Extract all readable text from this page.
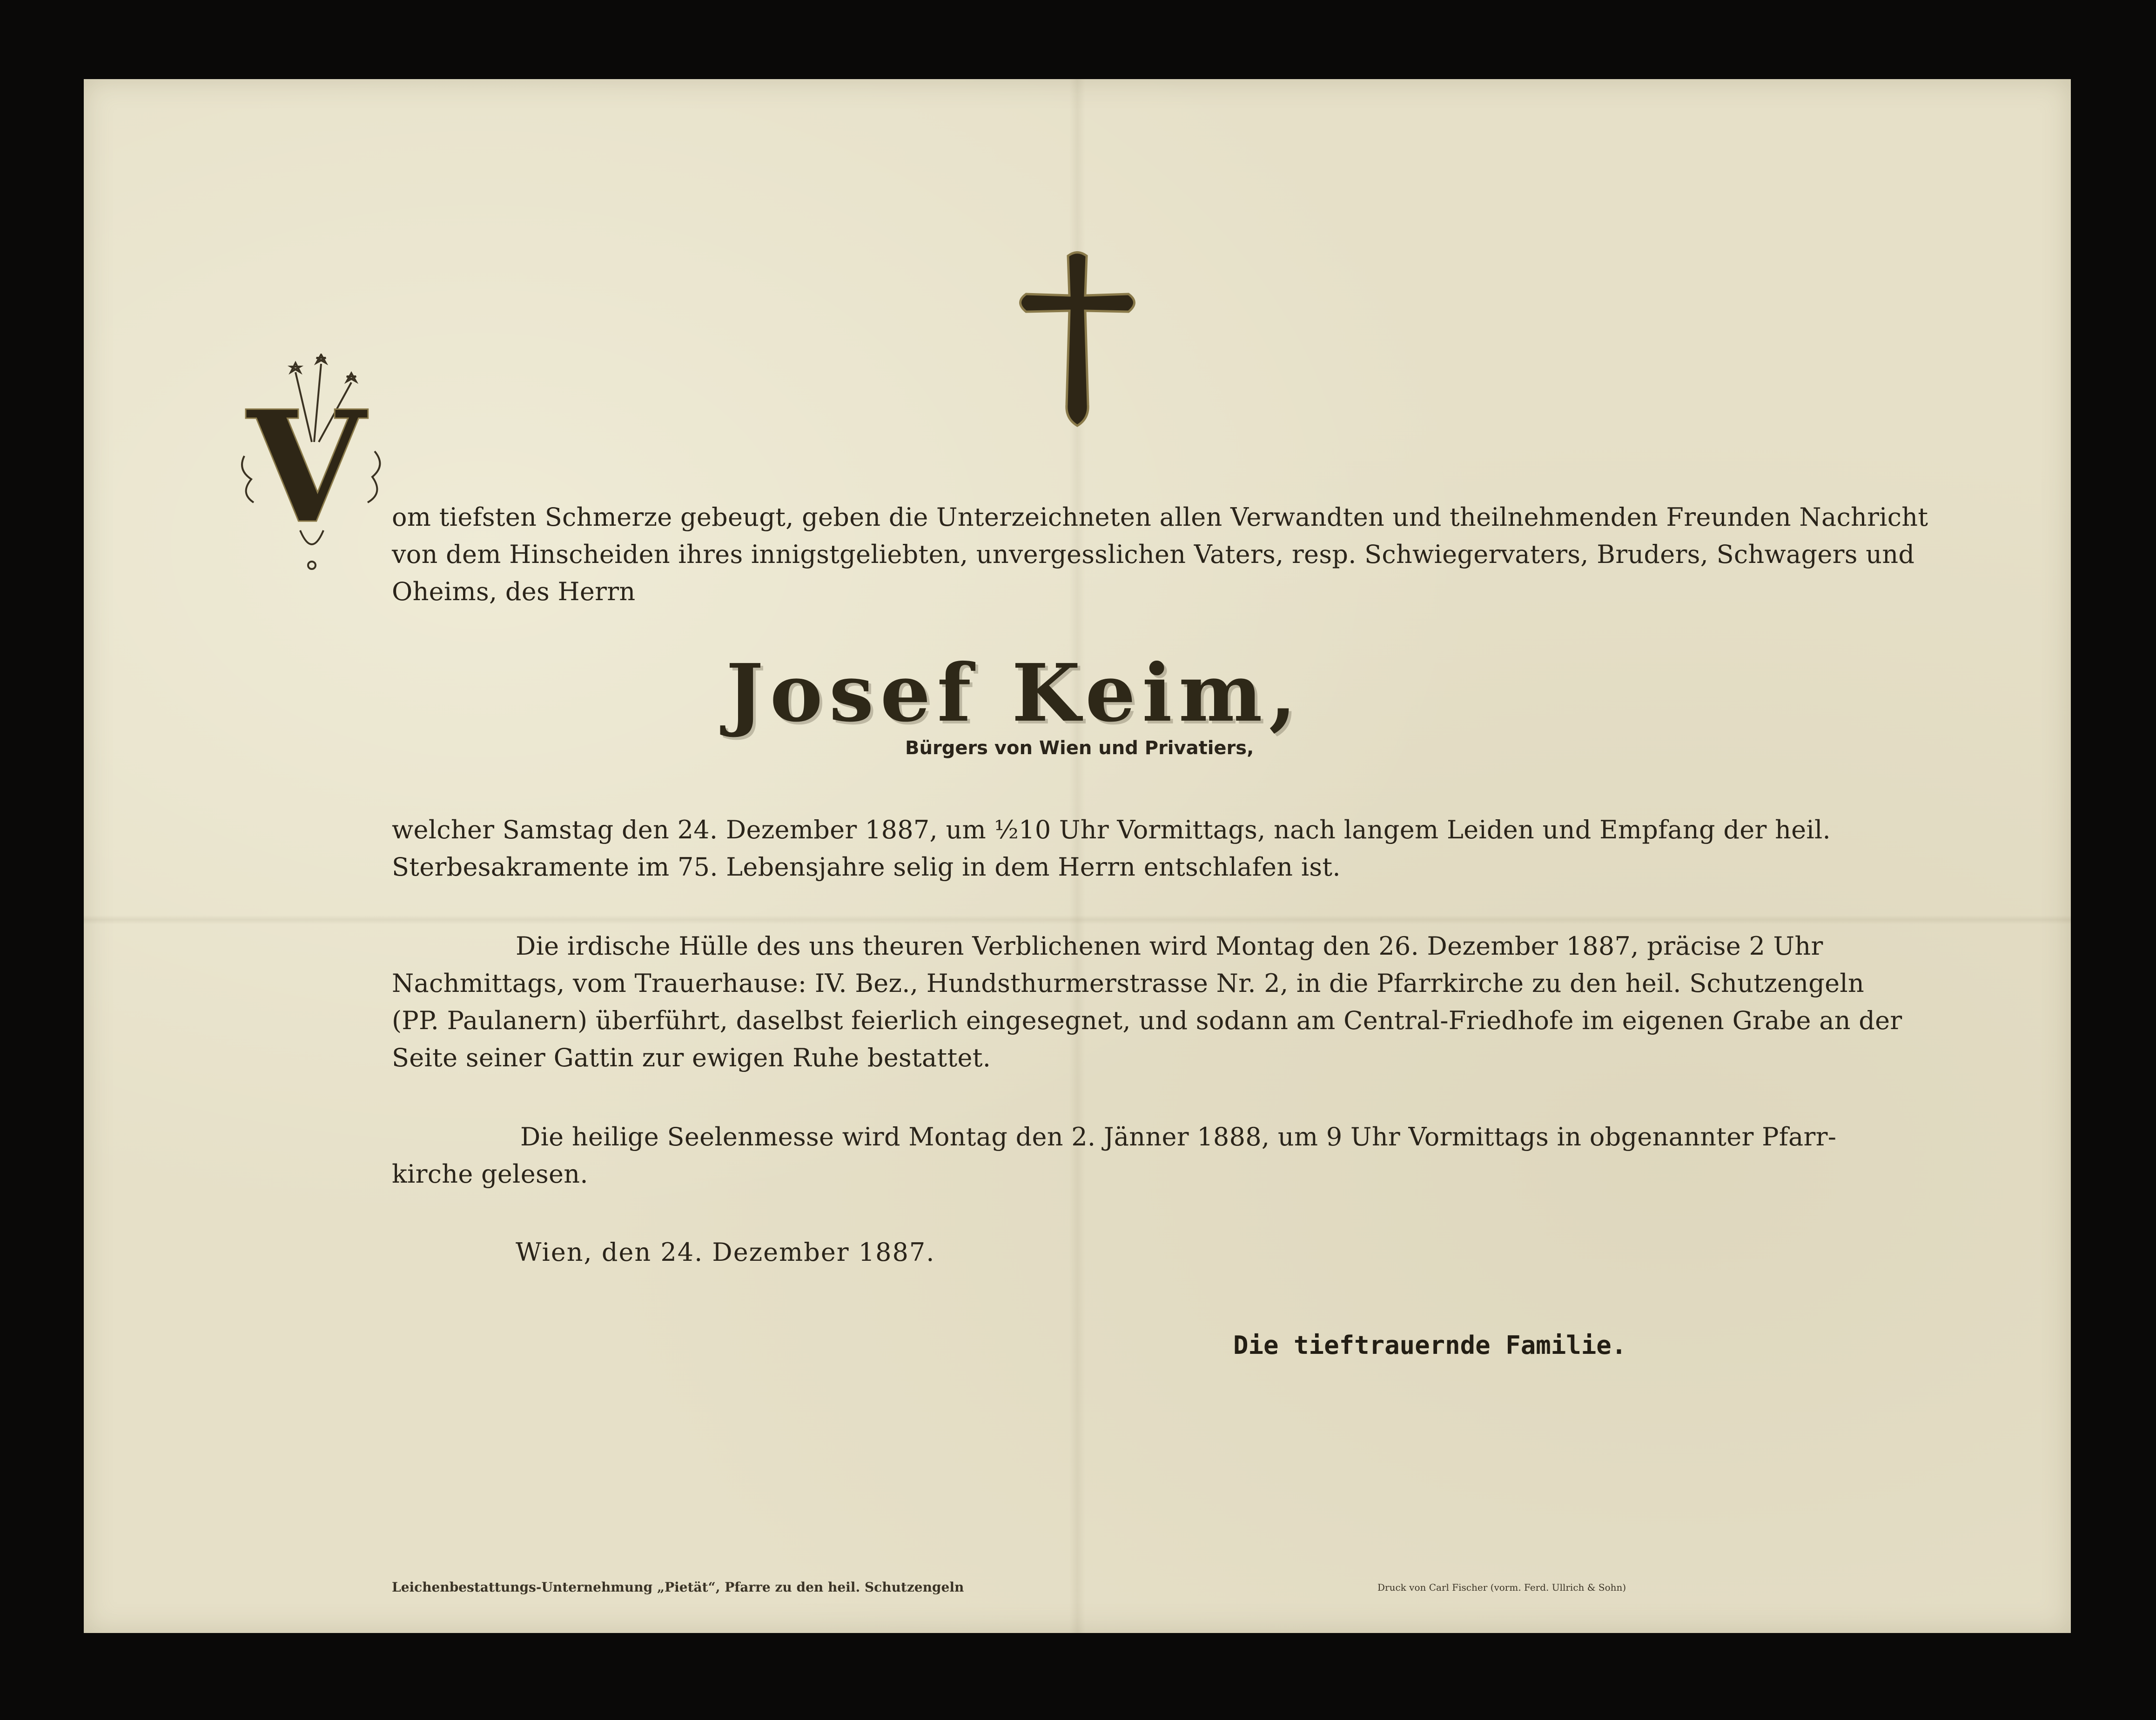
V om tiefsten Schmerze gebeugt, geben die Unterzeichneten allen Verwandten und theilnehmenden Freunden Nachricht

von dem Hinscheiden ihres innigstgeliebten, unvergesslichen Vaters, resp. Schwiegervaters, Bruders, Schwagers und

Oheims, des Herrn

Josef Keim,
Bürgers von Wien und Privatiers,

welcher Samstag den 24. Dezember 1887, um ½10 Uhr Vormittags, nach langem Leiden und Empfang der heil.

Sterbesakramente im 75. Lebensjahre selig in dem Herrn entschlafen ist.

Die irdische Hülle des uns theuren Verblichenen wird Montag den 26. Dezember 1887, präcise 2 Uhr

Nachmittags, vom Trauerhause: IV. Bez., Hundsthurmerstrasse Nr. 2, in die Pfarrkirche zu den heil. Schutzengeln

(PP. Paulanern) überführt, daselbst feierlich eingesegnet, und sodann am Central-Friedhofe im eigenen Grabe an der

Seite seiner Gattin zur ewigen Ruhe bestattet.

Die heilige Seelenmesse wird Montag den 2. Jänner 1888, um 9 Uhr Vormittags in obgenannter Pfarr-

kirche gelesen.

Wien, den 24. Dezember 1887.

Die tieftrauernde Familie.
Leichenbestattungs-Unternehmung „Pietät“, Pfarre zu den heil. Schutzengeln	Druck von Carl Fischer (vorm. Ferd. Ullrich & Sohn)
